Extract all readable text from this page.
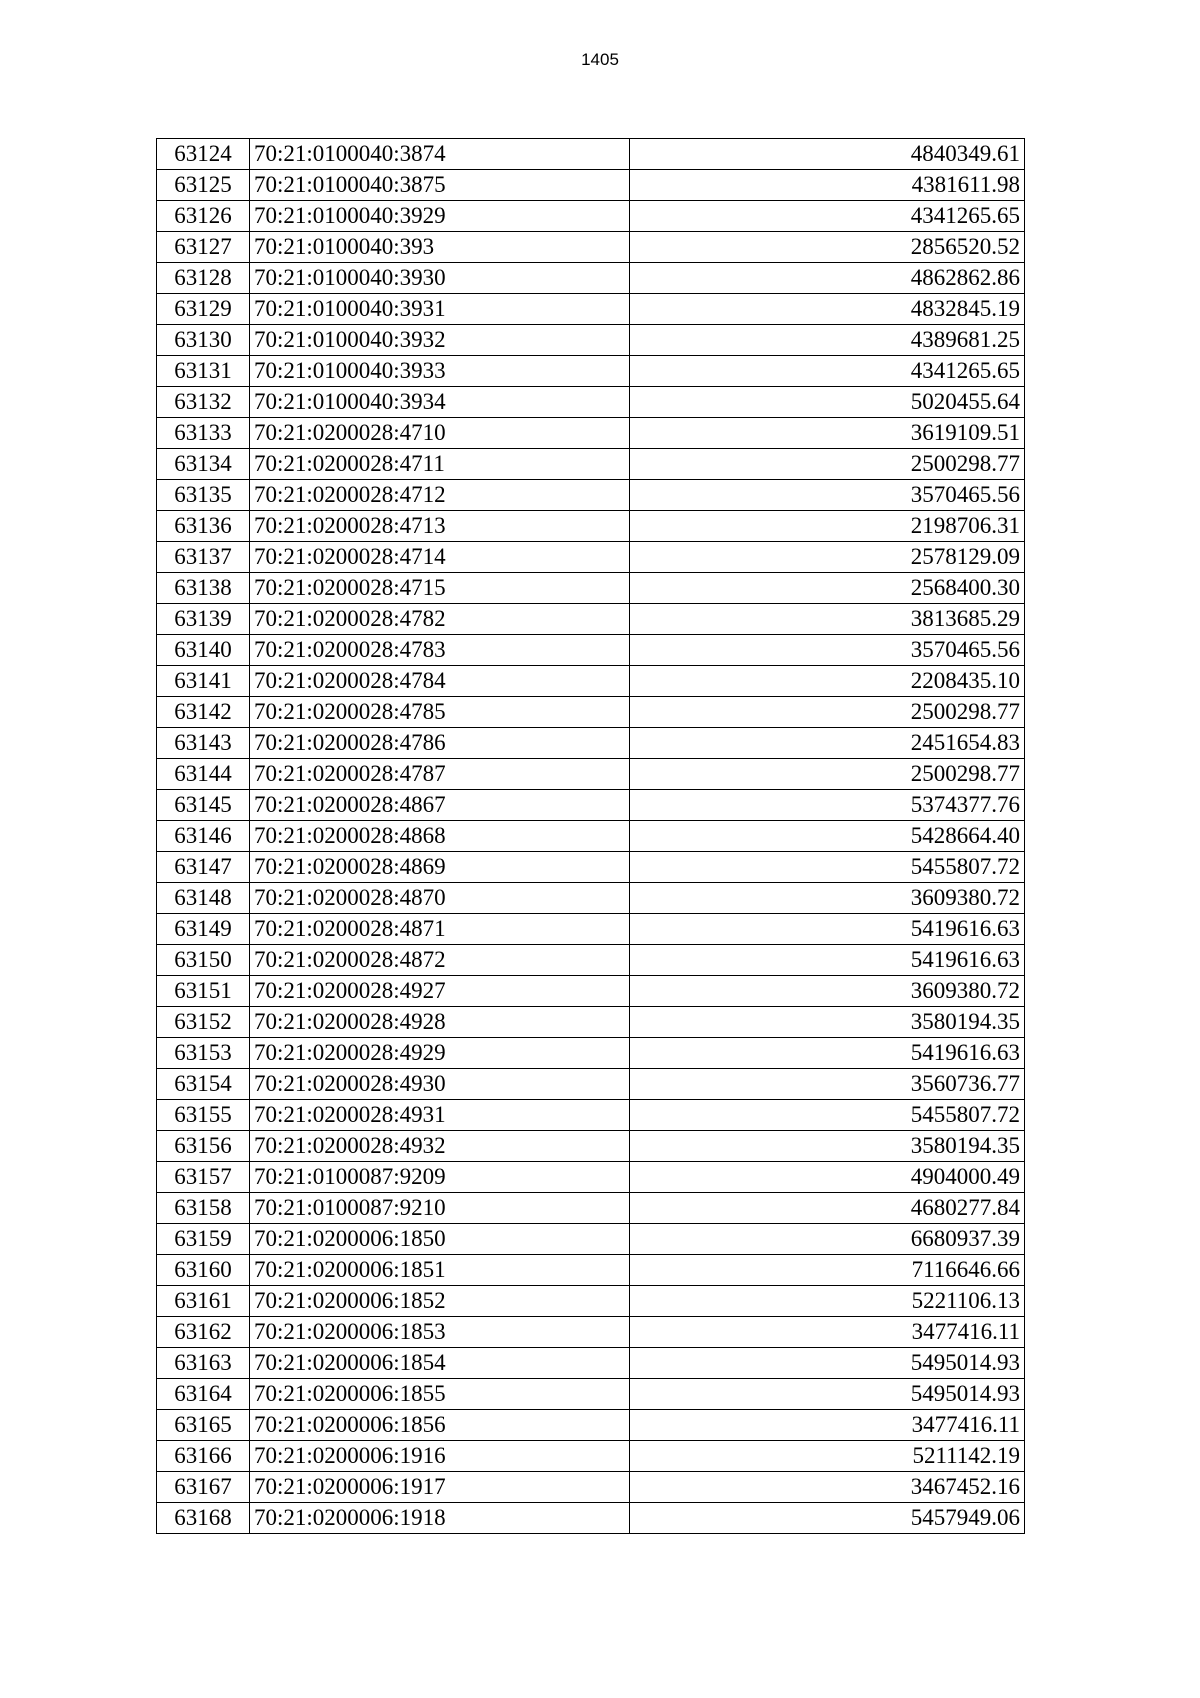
1405
63124	70:21:0100040:3874	4840349.61
63125	70:21:0100040:3875	4381611.98
63126	70:21:0100040:3929	4341265.65
63127	70:21:0100040:393	2856520.52
63128	70:21:0100040:3930	4862862.86
63129	70:21:0100040:3931	4832845.19
63130	70:21:0100040:3932	4389681.25
63131	70:21:0100040:3933	4341265.65
63132	70:21:0100040:3934	5020455.64
63133	70:21:0200028:4710	3619109.51
63134	70:21:0200028:4711	2500298.77
63135	70:21:0200028:4712	3570465.56
63136	70:21:0200028:4713	2198706.31
63137	70:21:0200028:4714	2578129.09
63138	70:21:0200028:4715	2568400.30
63139	70:21:0200028:4782	3813685.29
63140	70:21:0200028:4783	3570465.56
63141	70:21:0200028:4784	2208435.10
63142	70:21:0200028:4785	2500298.77
63143	70:21:0200028:4786	2451654.83
63144	70:21:0200028:4787	2500298.77
63145	70:21:0200028:4867	5374377.76
63146	70:21:0200028:4868	5428664.40
63147	70:21:0200028:4869	5455807.72
63148	70:21:0200028:4870	3609380.72
63149	70:21:0200028:4871	5419616.63
63150	70:21:0200028:4872	5419616.63
63151	70:21:0200028:4927	3609380.72
63152	70:21:0200028:4928	3580194.35
63153	70:21:0200028:4929	5419616.63
63154	70:21:0200028:4930	3560736.77
63155	70:21:0200028:4931	5455807.72
63156	70:21:0200028:4932	3580194.35
63157	70:21:0100087:9209	4904000.49
63158	70:21:0100087:9210	4680277.84
63159	70:21:0200006:1850	6680937.39
63160	70:21:0200006:1851	7116646.66
63161	70:21:0200006:1852	5221106.13
63162	70:21:0200006:1853	3477416.11
63163	70:21:0200006:1854	5495014.93
63164	70:21:0200006:1855	5495014.93
63165	70:21:0200006:1856	3477416.11
63166	70:21:0200006:1916	5211142.19
63167	70:21:0200006:1917	3467452.16
63168	70:21:0200006:1918	5457949.06
